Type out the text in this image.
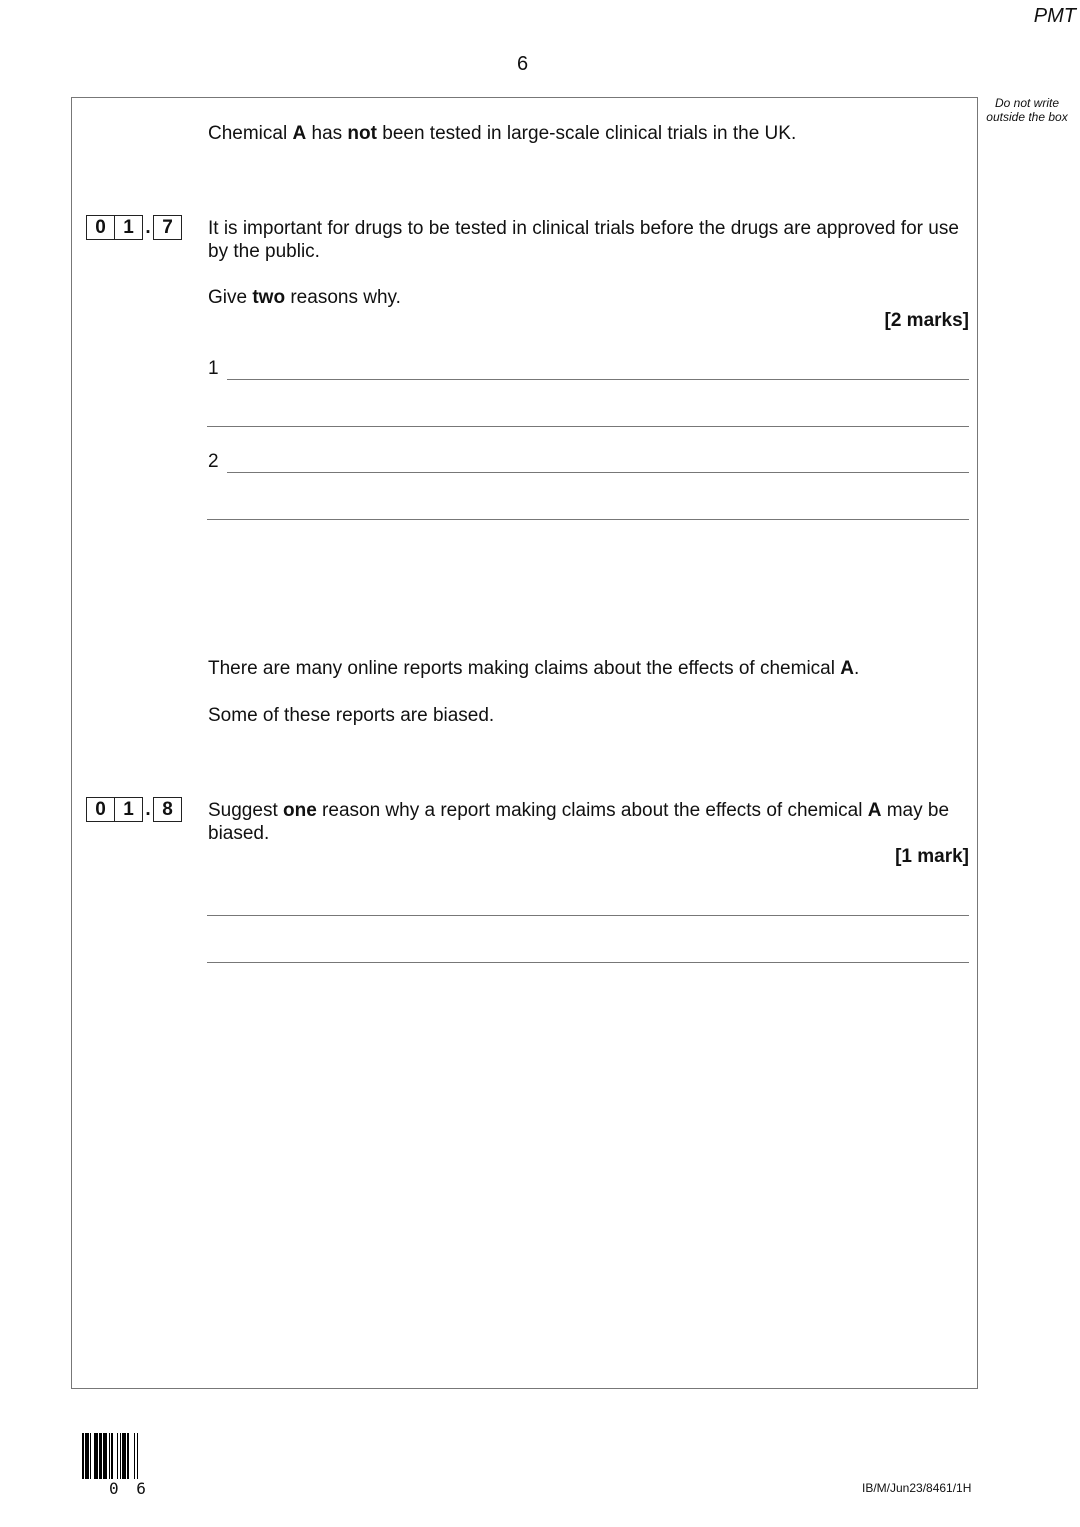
PMT
6
Do not write outside the box
Chemical A has not been tested in large-scale clinical trials in the UK.
0 1 . 7	It is important for drugs to be tested in clinical trials before the drugs are approved for use by the public.
Give two reasons why.
[2 marks]
1
2
There are many online reports making claims about the effects of chemical A.
Some of these reports are biased.
0 1 . 8	Suggest one reason why a report making claims about the effects of chemical A may be biased.
[1 mark]
0 6	IB/M/Jun23/8461/1H
